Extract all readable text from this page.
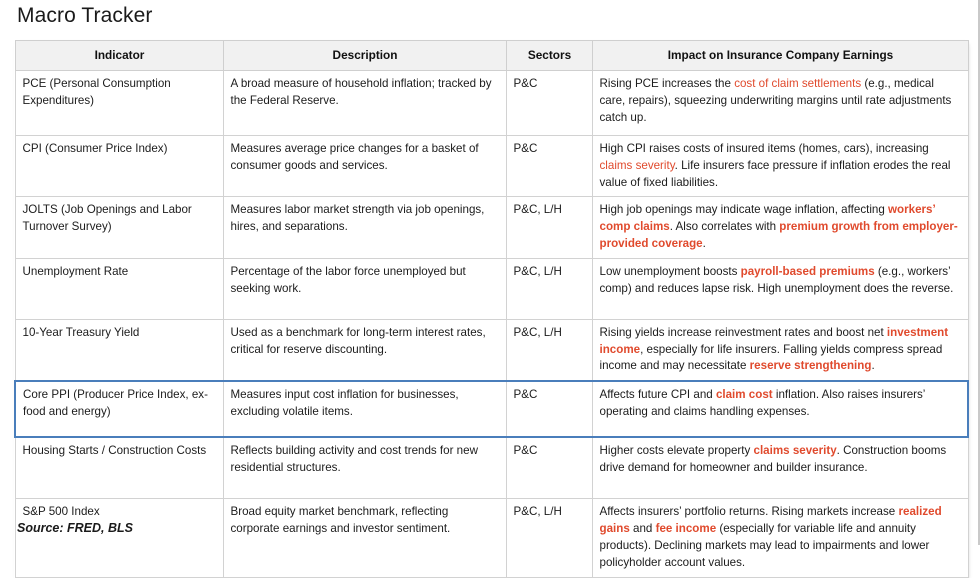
Macro Tracker
Indicator	Description	Sectors	Impact on Insurance Company Earnings
PCE (Personal Consumption Expenditures)	A broad measure of household inflation; tracked by the Federal Reserve.	P&C	Rising PCE increases the cost of claim settlements (e.g., medical care, repairs), squeezing underwriting margins until rate adjustments catch up.
CPI (Consumer Price Index)	Measures average price changes for a basket of consumer goods and services.	P&C	High CPI raises costs of insured items (homes, cars), increasing claims severity. Life insurers face pressure if inflation erodes the real value of fixed liabilities.
JOLTS (Job Openings and Labor Turnover Survey)	Measures labor market strength via job openings, hires, and separations.	P&C, L/H	High job openings may indicate wage inflation, affecting workers’ comp claims. Also correlates with premium growth from employer-provided coverage.
Unemployment Rate	Percentage of the labor force unemployed but seeking work.	P&C, L/H	Low unemployment boosts payroll-based premiums (e.g., workers’ comp) and reduces lapse risk. High unemployment does the reverse.
10-Year Treasury Yield	Used as a benchmark for long-term interest rates, critical for reserve discounting.	P&C, L/H	Rising yields increase reinvestment rates and boost net investment income, especially for life insurers. Falling yields compress spread income and may necessitate reserve strengthening.
Core PPI (Producer Price Index, ex-food and energy)	Measures input cost inflation for businesses, excluding volatile items.	P&C	Affects future CPI and claim cost inflation. Also raises insurers’ operating and claims handling expenses.
Housing Starts / Construction Costs	Reflects building activity and cost trends for new residential structures.	P&C	Higher costs elevate property claims severity. Construction booms drive demand for homeowner and builder insurance.
S&P 500 Index	Broad equity market benchmark, reflecting corporate earnings and investor sentiment.	P&C, L/H	Affects insurers’ portfolio returns. Rising markets increase realized gains and fee income (especially for variable life and annuity products). Declining markets may lead to impairments and lower policyholder account values.
Source: FRED, BLS
